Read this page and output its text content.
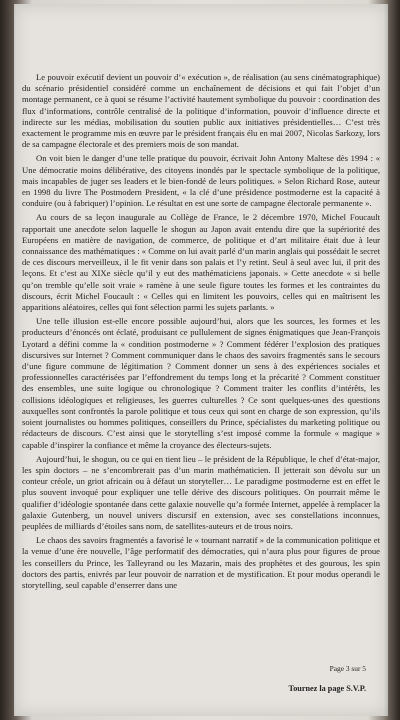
Le pouvoir exécutif devient un pouvoir d’« exécution », de réalisation (au sens cinématographique) du scénario présidentiel considéré comme un enchaînement de décisions et qui fait l’objet d’un montage permanent, ce à quoi se résume l’activité hautement symbolique du pouvoir : coordination des flux d’informations, contrôle centralisé de la politique d’information, pouvoir d’influence directe et indirecte sur les médias, mobilisation du soutien public aux initiatives présidentielles… C’est très exactement le programme mis en œuvre par le président français élu en mai 2007, Nicolas Sarkozy, lors de sa campagne électorale et des premiers mois de son mandat.

On voit bien le danger d’une telle pratique du pouvoir, écrivait John Antony Maltese dès 1994 : « Une démocratie moins délibérative, des citoyens inondés par le spectacle symbolique de la politique, mais incapables de juger ses leaders et le bien-fondé de leurs politiques. » Selon Richard Rose, auteur en 1998 du livre The Postmodern President, « la clé d’une présidence postmoderne est la capacité à conduire (ou à fabriquer) l’opinion. Le résultat en est une sorte de campagne électorale permanente ».

Au cours de sa leçon inaugurale au Collège de France, le 2 décembre 1970, Michel Foucault rapportait une anecdote selon laquelle le shogun au Japon avait entendu dire que la supériorité des Européens en matière de navigation, de commerce, de politique et d’art militaire était due à leur connaissance des mathématiques : « Comme on lui avait parlé d’un marin anglais qui possédait le secret de ces discours merveilleux, il le fit venir dans son palais et l’y retint. Seul à seul avec lui, il prit des leçons. Et c’est au XIXe siècle qu’il y eut des mathématiciens japonais. » Cette anecdote « si belle qu’on tremble qu’elle soit vraie » ramène à une seule figure toutes les formes et les contraintes du discours, écrit Michel Foucault : « Celles qui en limitent les pouvoirs, celles qui en maîtrisent les apparitions aléatoires, celles qui font sélection parmi les sujets parlants. »

Une telle illusion est-elle encore possible aujourd’hui, alors que les sources, les formes et les producteurs d’énoncés ont éclaté, produisant ce pullulement de signes énigmatiques que Jean-François Lyotard a défini comme la « condition postmoderne » ? Comment fédérer l’explosion des pratiques discursives sur Internet ? Comment communiquer dans le chaos des savoirs fragmentés sans le secours d’une figure commune de légitimation ? Comment donner un sens à des expériences sociales et professionnelles caractérisées par l’effondrement du temps long et la précarité ? Comment constituer des ensembles, une suite logique ou chronologique ? Comment traiter les conflits d’intérêts, les collisions idéologiques et religieuses, les guerres culturelles ? Ce sont quelques-unes des questions auxquelles sont confrontés la parole politique et tous ceux qui sont en charge de son expression, qu’ils soient journalistes ou hommes politiques, conseillers du Prince, spécialistes du marketing politique ou rédacteurs de discours. C’est ainsi que le storytelling s’est imposé comme la formule « magique » capable d’inspirer la confiance et même la croyance des électeurs-sujets.

Aujourd’hui, le shogun, ou ce qui en tient lieu – le président de la République, le chef d’état-major, les spin doctors – ne s’encombrerait pas d’un marin mathématicien. Il jetterait son dévolu sur un conteur créole, un griot africain ou à défaut un storyteller… Le paradigme postmoderne est en effet le plus souvent invoqué pour expliquer une telle dérive des discours politiques. On pourrait même le qualifier d’idéologie spontanée dans cette galaxie nouvelle qu’a formée Internet, appelée à remplacer la galaxie Gutenberg, un nouvel univers discursif en extension, avec ses constellations inconnues, peuplées de milliards d’étoiles sans nom, de satellites-auteurs et de trous noirs.

Le chaos des savoirs fragmentés a favorisé le « tournant narratif » de la communication politique et la venue d’une ère nouvelle, l’âge performatif des démocraties, qui n’aura plus pour figures de proue les conseillers du Prince, les Talleyrand ou les Mazarin, mais des prophètes et des gourous, les spin doctors des partis, enivrés par leur pouvoir de narration et de mystification. Et pour modus operandi le storytelling, seul capable d’enserrer dans une

Page 3 sur 5
Tournez la page S.V.P.
